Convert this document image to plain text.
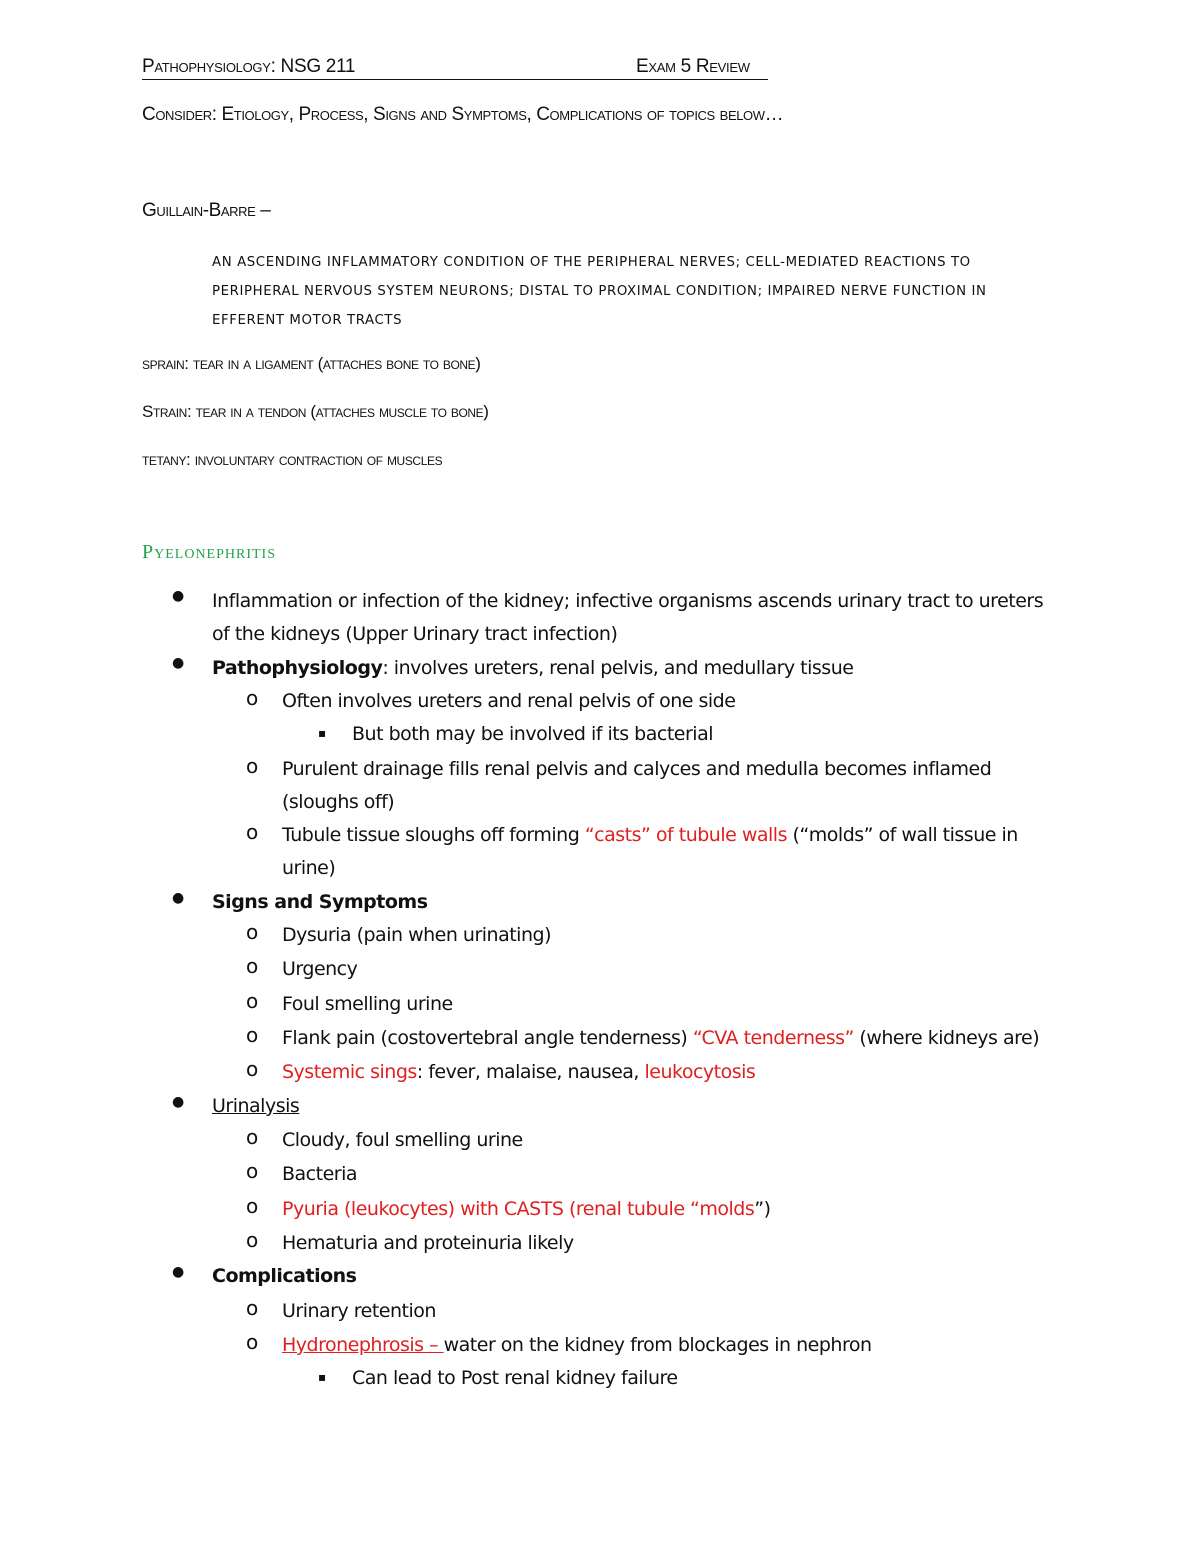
Pathophysiology: NSG 211	Exam 5 Review
Consider: Etiology, Process, Signs and Symptoms, Complications of topics below…
Guillain-Barre –
AN ASCENDING INFLAMMATORY CONDITION OF THE PERIPHERAL NERVES; CELL-MEDIATED REACTIONS TO
PERIPHERAL NERVOUS SYSTEM NEURONS; DISTAL TO PROXIMAL CONDITION; IMPAIRED NERVE FUNCTION IN
EFFERENT MOTOR TRACTS
sprain: tear in a ligament (attaches bone to bone)
Strain: tear in a tendon (attaches muscle to bone)
tetany: involuntary contraction of muscles
Pyelonephritis
● Inflammation or infection of the kidney; infective organisms ascends urinary tract to ureters
of the kidneys (Upper Urinary tract infection)
● Pathophysiology: involves ureters, renal pelvis, and medullary tissue
o Often involves ureters and renal pelvis of one side
▪ But both may be involved if its bacterial
o Purulent drainage fills renal pelvis and calyces and medulla becomes inflamed
(sloughs off)
o Tubule tissue sloughs off forming “casts” of tubule walls (“molds” of wall tissue in
urine)
● Signs and Symptoms
o Dysuria (pain when urinating)
o Urgency
o Foul smelling urine
o Flank pain (costovertebral angle tenderness) “CVA tenderness” (where kidneys are)
o Systemic sings: fever, malaise, nausea, leukocytosis
● Urinalysis
o Cloudy, foul smelling urine
o Bacteria
o Pyuria (leukocytes) with CASTS (renal tubule “molds”)
o Hematuria and proteinuria likely
● Complications
o Urinary retention
o Hydronephrosis – water on the kidney from blockages in nephron
▪ Can lead to Post renal kidney failure
